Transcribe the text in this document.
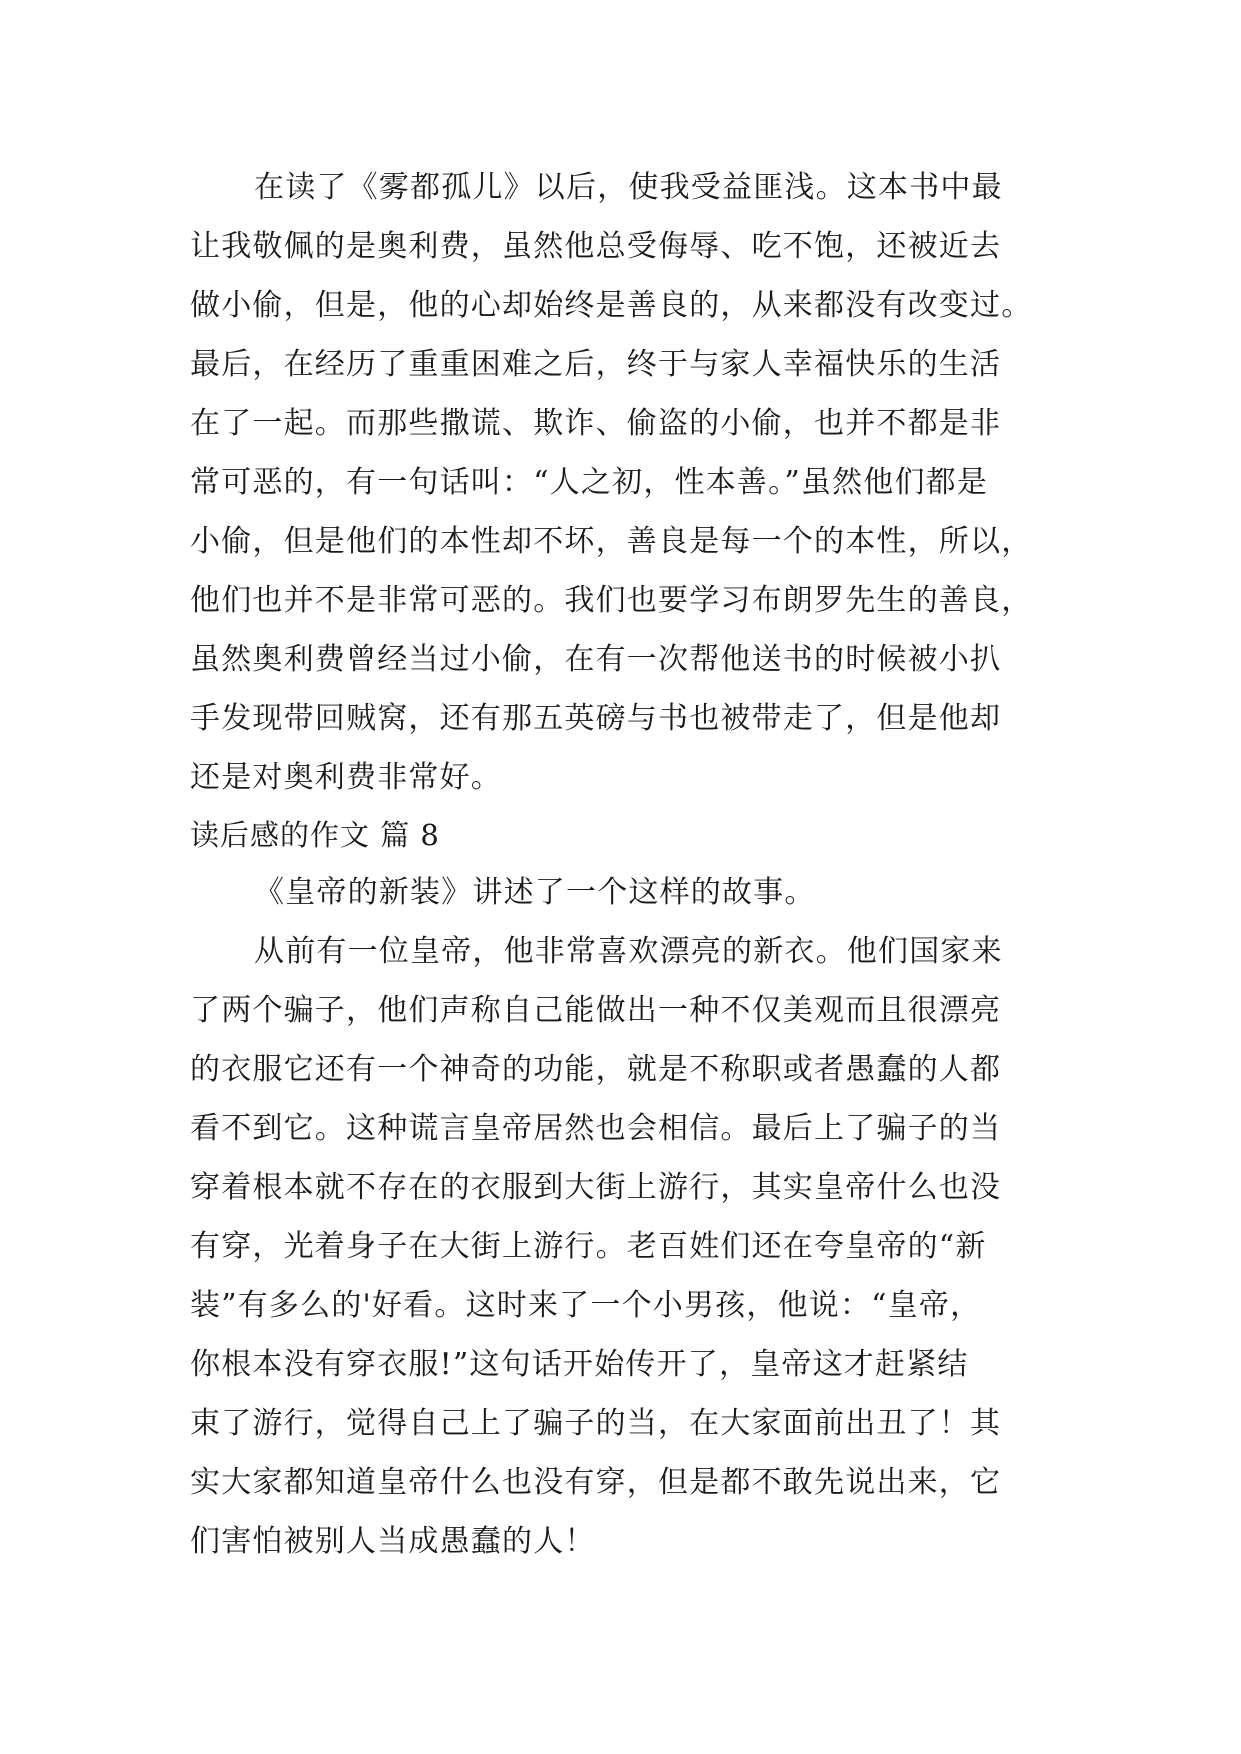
在读了《雾都孤儿》以后，使我受益匪浅。这本书中最
让我敬佩的是奥利费，虽然他总受侮辱、吃不饱，还被近去
做小偷，但是，他的心却始终是善良的，从来都没有改变过。
最后，在经历了重重困难之后，终于与家人幸福快乐的生活
在了一起。而那些撒谎、欺诈、偷盗的小偷，也并不都是非
常可恶的，有一句话叫：“人之初，性本善。”虽然他们都是
小偷，但是他们的本性却不坏，善良是每一个的本性，所以，
他们也并不是非常可恶的。我们也要学习布朗罗先生的善良，
虽然奥利费曾经当过小偷，在有一次帮他送书的时候被小扒
手发现带回贼窝，还有那五英磅与书也被带走了，但是他却
还是对奥利费非常好。
读后感的作文 篇 8
《皇帝的新装》讲述了一个这样的故事。
从前有一位皇帝，他非常喜欢漂亮的新衣。他们国家来
了两个骗子，他们声称自己能做出一种不仅美观而且很漂亮
的衣服它还有一个神奇的功能，就是不称职或者愚蠢的人都
看不到它。这种谎言皇帝居然也会相信。最后上了骗子的当
穿着根本就不存在的衣服到大街上游行，其实皇帝什么也没
有穿，光着身子在大街上游行。老百姓们还在夸皇帝的“新
装”有多么的'好看。这时来了一个小男孩，他说：“皇帝，
你根本没有穿衣服!”这句话开始传开了，皇帝这才赶紧结
束了游行，觉得自己上了骗子的当，在大家面前出丑了！其
实大家都知道皇帝什么也没有穿，但是都不敢先说出来，它
们害怕被别人当成愚蠢的人！
